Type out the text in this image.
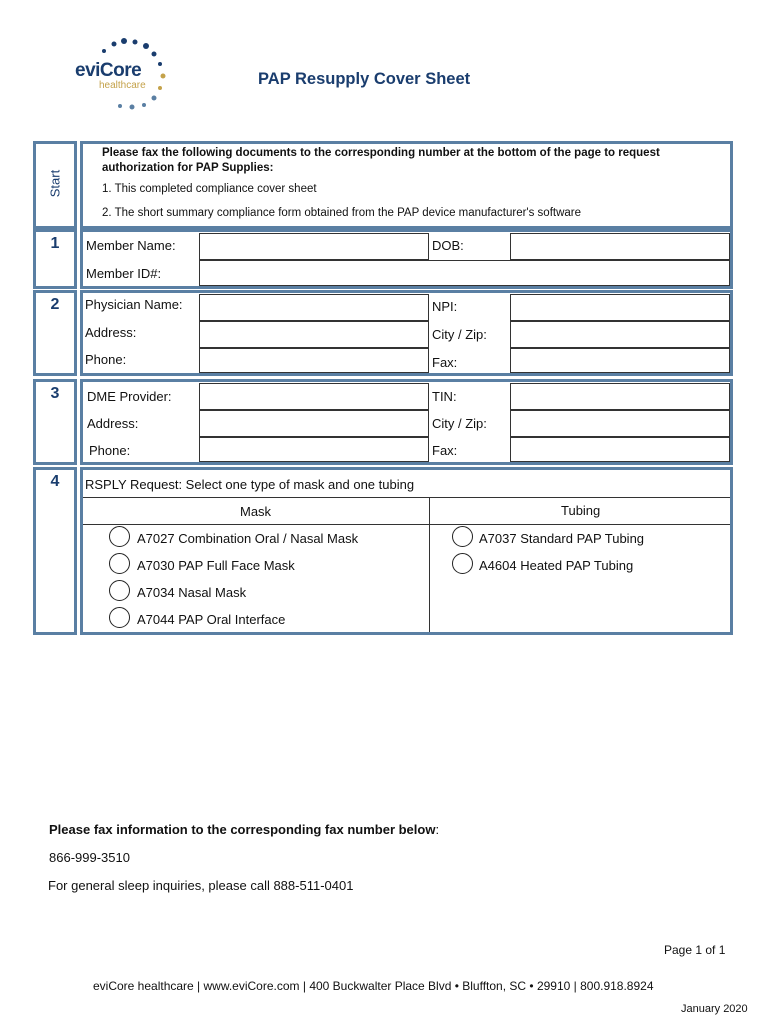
eviCore
healthcare	PAP Resupply Cover Sheet
Start
Please fax the following documents to the corresponding number at the bottom of the page to request
authorization for PAP Supplies:
1. This completed compliance cover sheet
2. The short summary compliance form obtained from the PAP device manufacturer's software
1	Member Name:	DOB:
Member ID#:
2	Physician Name:	NPI:
Address:	City / Zip:
Phone:	Fax:
3	DME Provider:	TIN:
Address:	City / Zip:
Phone:	Fax:
4	RSPLY Request: Select one type of mask and one tubing
Mask	Tubing
A7027 Combination Oral / Nasal Mask
A7030 PAP Full Face Mask
A7034 Nasal Mask
A7044 PAP Oral Interface
A7037 Standard PAP Tubing
A4604 Heated PAP Tubing
Please fax information to the corresponding fax number below:
866-999-3510
For general sleep inquiries, please call 888-511-0401
Page 1 of 1
eviCore healthcare | www.eviCore.com | 400 Buckwalter Place Blvd • Bluffton, SC • 29910 | 800.918.8924
January 2020
